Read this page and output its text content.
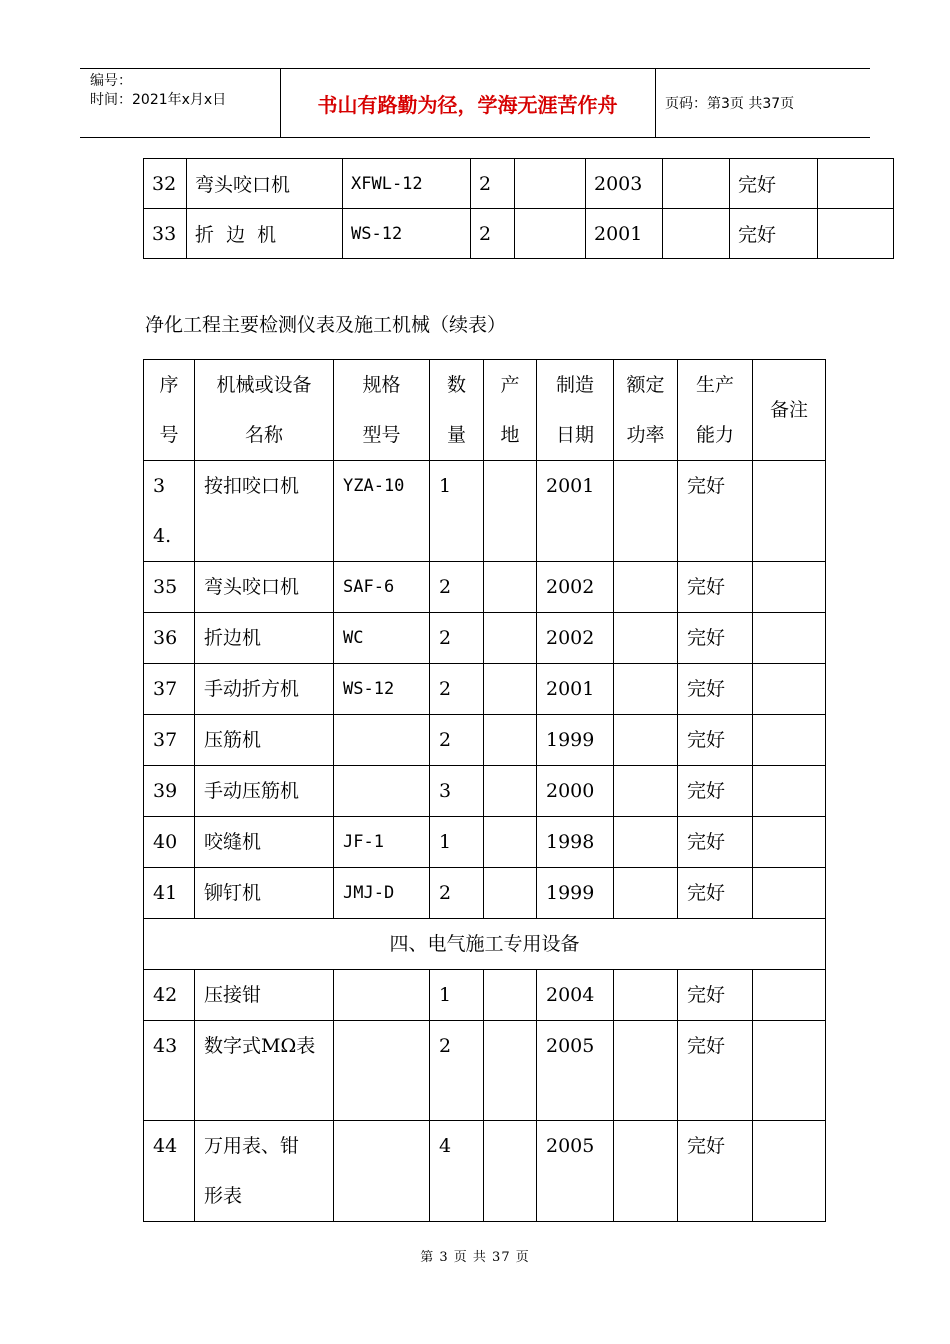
编号：
时间：2021年x月x日	书山有路勤为径，学海无涯苦作舟	页码：第3页 共37页
32	弯头咬口机	XFWL-12	2		2003		完好	
33	折  边  机	WS-12	2		2001		完好	
净化工程主要检测仪表及施工机械（续表）
序号	机械或设备名称	规格型号	数量	产地	制造日期	额定功率	生产能力	备注
34.	按扣咬口机	YZA-10	1		2001		完好	
35	弯头咬口机	SAF-6	2		2002		完好	
36	折边机	WC	2		2002		完好	
37	手动折方机	WS-12	2		2001		完好	
37	压筋机		2		1999		完好	
39	手动压筋机		3		2000		完好	
40	咬缝机	JF-1	1		1998		完好	
41	铆钉机	JMJ-D	2		1999		完好	
四、电气施工专用设备								
42	压接钳		1		2004		完好	
43	数字式MΩ表		2		2005		完好	
44	万用表、钳形表		4		2005		完好	
第 3 页 共 37 页
